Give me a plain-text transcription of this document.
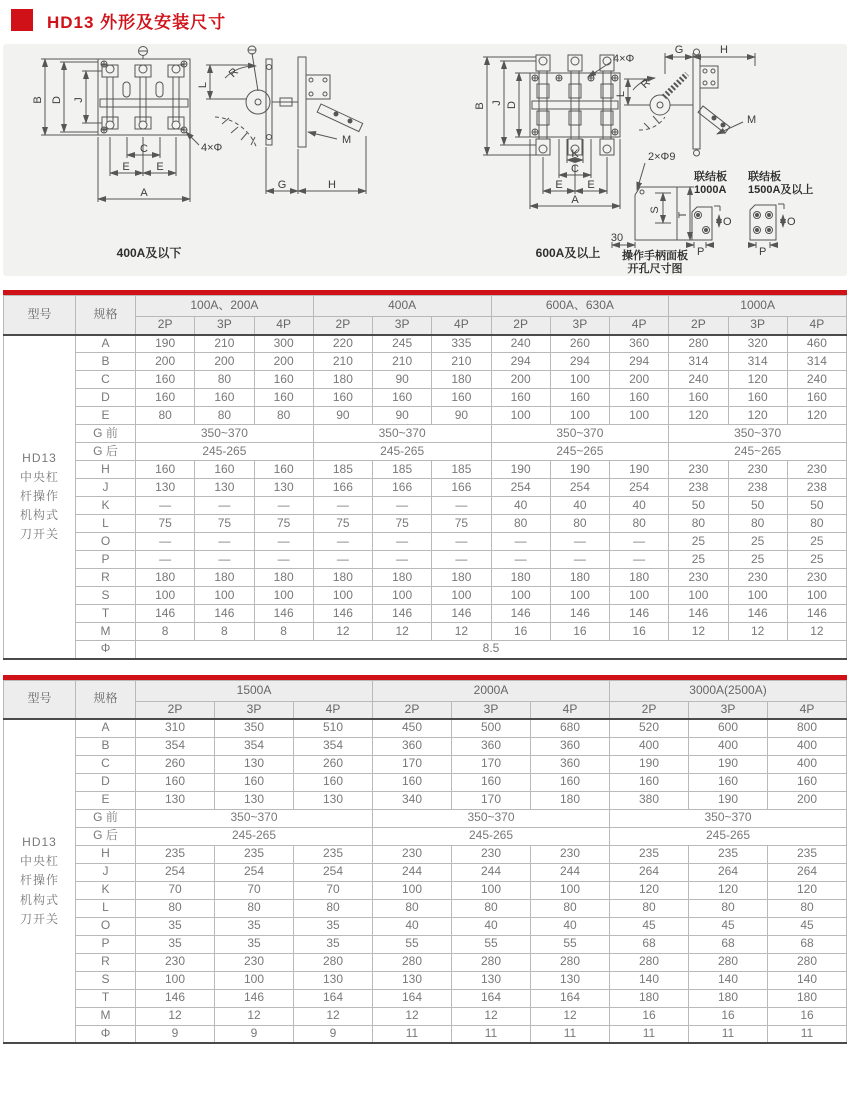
HD13 外形及安装尺寸
B D J
C
E E
A
4×Φ
L
R
G	H
M
400A及以下
B J D
K
C
E E
A
4×Φ
G	H
L
R
M
600A及以上
2×Φ9
S
T
30
操作手柄面板
开孔尺寸图
联结板
1000A
O
P
联结板
1500A及以上
O
P
型号	规格	100A、200A			400A			600A、630A			1000A		
		2P	3P	4P	2P	3P	4P	2P	3P	4P	2P	3P	4P

HD13
中央杠
杆操作
机构式
刀开关	A	190	210	300	220	245	335	240	260	360	280	320	460
	B	200	200	200	210	210	210	294	294	294	314	314	314
	C	160	80	160	180	90	180	200	100	200	240	120	240
	D	160	160	160	160	160	160	160	160	160	160	160	160
	E	80	80	80	90	90	90	100	100	100	120	120	120
	G 前	350~370			350~370			350~370			350~370		
	G 后	245-265			245-265			245~265			245~265		
	H	160	160	160	185	185	185	190	190	190	230	230	230
	J	130	130	130	166	166	166	254	254	254	238	238	238
	K	—	—	—	—	—	—	40	40	40	50	50	50
	L	75	75	75	75	75	75	80	80	80	80	80	80
	O	—	—	—	—	—	—	—	—	—	25	25	25
	P	—	—	—	—	—	—	—	—	—	25	25	25
	R	180	180	180	180	180	180	180	180	180	230	230	230
	S	100	100	100	100	100	100	100	100	100	100	100	100
	T	146	146	146	146	146	146	146	146	146	146	146	146
	M	8	8	8	12	12	12	16	16	16	12	12	12
	Φ	8.5											
型号	规格	1500A			2000A			3000A(2500A)		
		2P	3P	4P	2P	3P	4P	2P	3P	4P

HD13
中央杠
杆操作
机构式
刀开关	A	310	350	510	450	500	680	520	600	800
	B	354	354	354	360	360	360	400	400	400
	C	260	130	260	170	170	360	190	190	400
	D	160	160	160	160	160	160	160	160	160
	E	130	130	130	340	170	180	380	190	200
	G 前	350~370			350~370			350~370		
	G 后	245-265			245-265			245-265		
	H	235	235	235	230	230	230	235	235	235
	J	254	254	254	244	244	244	264	264	264
	K	70	70	70	100	100	100	120	120	120
	L	80	80	80	80	80	80	80	80	80
	O	35	35	35	40	40	40	45	45	45
	P	35	35	35	55	55	55	68	68	68
	R	230	230	280	280	280	280	280	280	280
	S	100	100	130	130	130	130	140	140	140
	T	146	146	164	164	164	164	180	180	180
	M	12	12	12	12	12	12	16	16	16
	Φ	9	9	9	11	11	11	11	11	11
